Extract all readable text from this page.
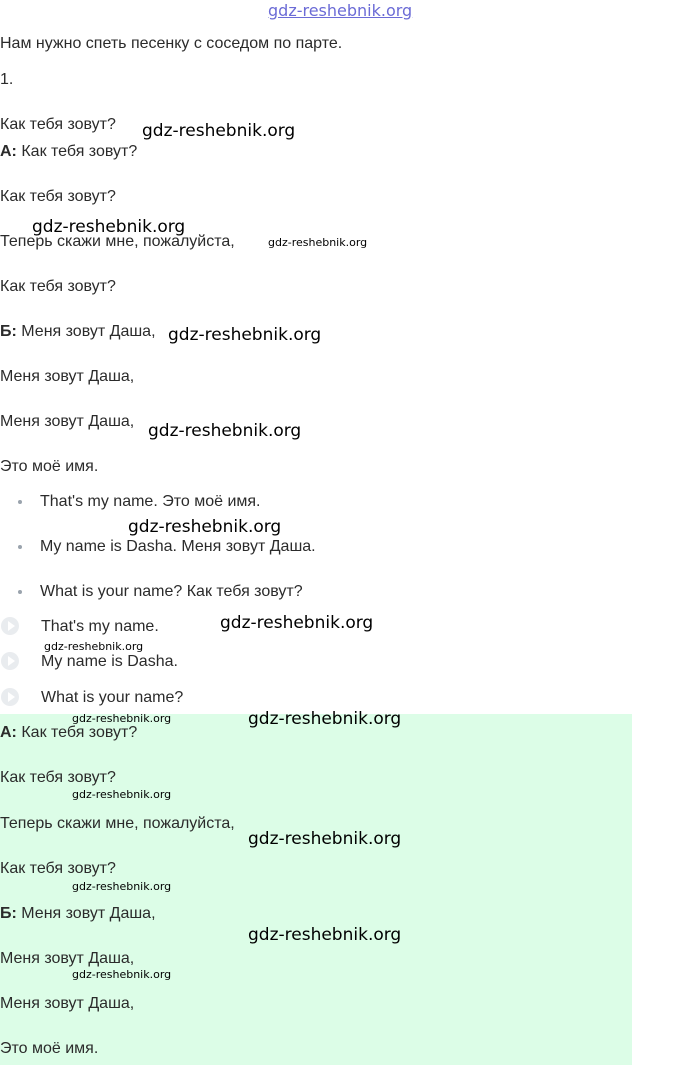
gdz-reshebnik.org
Нам нужно спеть песенку с соседом по парте.
1.
Как тебя зовут?
А: Как тебя зовут?
Как тебя зовут?
Теперь скажи мне, пожалуйста,
Как тебя зовут?
Б: Меня зовут Даша,
Меня зовут Даша,
Меня зовут Даша,
Это моё имя.
That's my name. Это моё имя.
My name is Dasha. Меня зовут Даша.
What is your name? Как тебя зовут?
That's my name.
My name is Dasha.
What is your name?
А: Как тебя зовут?
Как тебя зовут?
Теперь скажи мне, пожалуйста,
Как тебя зовут?
Б: Меня зовут Даша,
Меня зовут Даша,
Меня зовут Даша,
Это моё имя.
gdz-reshebnik.org
gdz-reshebnik.org
gdz-reshebnik.org
gdz-reshebnik.org
gdz-reshebnik.org
gdz-reshebnik.org
gdz-reshebnik.org
gdz-reshebnik.org
gdz-reshebnik.org	gdz-reshebnik.org
gdz-reshebnik.org
gdz-reshebnik.org
gdz-reshebnik.org
gdz-reshebnik.org
gdz-reshebnik.org
